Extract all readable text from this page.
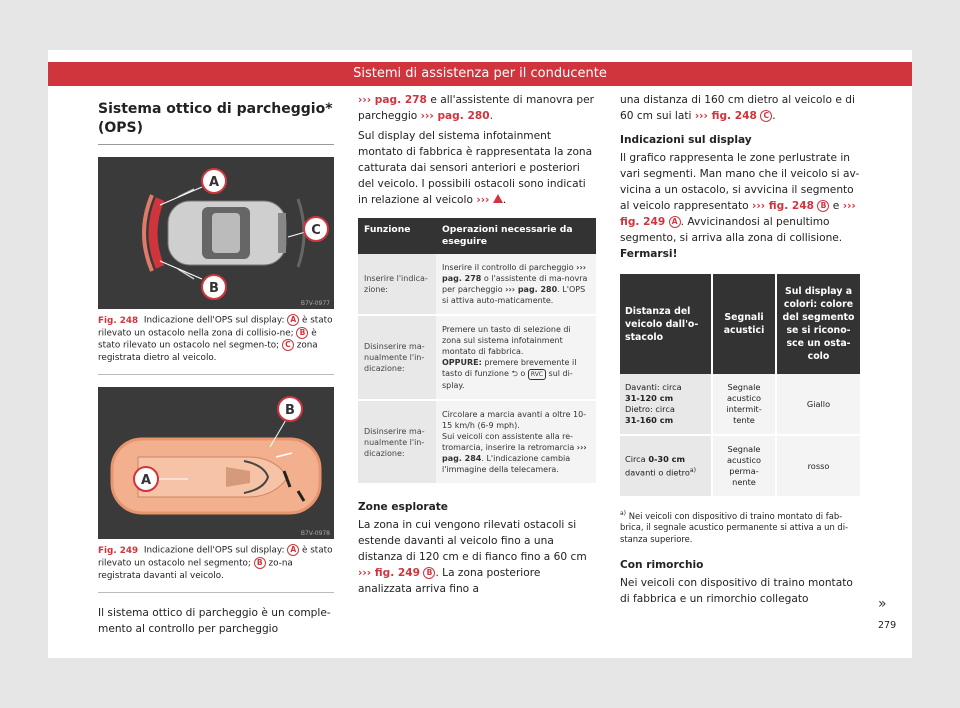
Sistemi di assistenza per il conducente
Sistema ottico di parcheggio* (OPS)
A
C
B
B7V-0977
Fig. 248 Indicazione dell'OPS sul display: A è stato rilevato un ostacolo nella zona di collisio-ne; B è stato rilevato un ostacolo nel segmen-to; C zona registrata dietro al veicolo.
B
A
B7V-0978
Fig. 249 Indicazione dell'OPS sul display: A è stato rilevato un ostacolo nel segmento; B zo-na registrata davanti al veicolo.

Il sistema ottico di parcheggio è un comple-mento al controllo per parcheggio

››› pag. 278 e all'assistente di manovra per parcheggio ››› pag. 280.

Sul display del sistema infotainment montato di fabbrica è rappresentata la zona catturata dai sensori anteriori e posteriori del veicolo. I possibili ostacoli sono indicati in relazione al veicolo ››› .

Funzione	Operazioni necessarie da eseguire
Inserire l'indica-zione:	Inserire il controllo di parcheggio ››› pag. 278 o l'assistente di ma-novra per parcheggio ››› pag. 280. L'OPS si attiva auto-maticamente.
Disinserire ma-nualmente l'in-dicazione:	Premere un tasto di selezione di zona sul sistema infotainment montato di fabbrica.
OPPURE: premere brevemente il tasto di funzione ⮌ o RVC sul di-splay.
Disinserire ma-nualmente l'in-dicazione:	Circolare a marcia avanti a oltre 10-15 km/h (6-9 mph).
Sui veicoli con assistente alla re-tromarcia, inserire la retromarcia ››› pag. 284. L'indicazione cambia l'immagine della telecamera.
Zone esplorate

La zona in cui vengono rilevati ostacoli si estende davanti al veicolo fino a una distanza di 120 cm e di fianco fino a 60 cm ››› fig. 249 B . La zona posteriore analizzata arriva fino a

una distanza di 160 cm dietro al veicolo e di 60 cm sui lati ››› fig. 248 C .

Indicazioni sul display

Il grafico rappresenta le zone perlustrate in vari segmenti. Man mano che il veicolo si av-vicina a un ostacolo, si avvicina il segmento al veicolo rappresentato ››› fig. 248 B e ››› fig. 249 A . Avvicinandosi al penultimo segmento, si arriva alla zona di collisione. Fermarsi!

Distanza del veicolo dall'o-stacolo	Segnali acustici	Sul display a colori: colore del segmento se si ricono-sce un osta-colo
Davanti: circa
31-120 cm
Dietro: circa
31-160 cm	Segnale acustico intermit-tente	Giallo
Circa 0-30 cm
davanti o dietro$^{a)}$	Segnale acustico perma-nente	rosso
$^{a)}$ Nei veicoli con dispositivo di traino montato di fab-brica, il segnale acustico permanente si attiva a un di-stanza superiore.
Con rimorchio

Nei veicoli con dispositivo di traino montato di fabbrica e un rimorchio collegato	»
279
